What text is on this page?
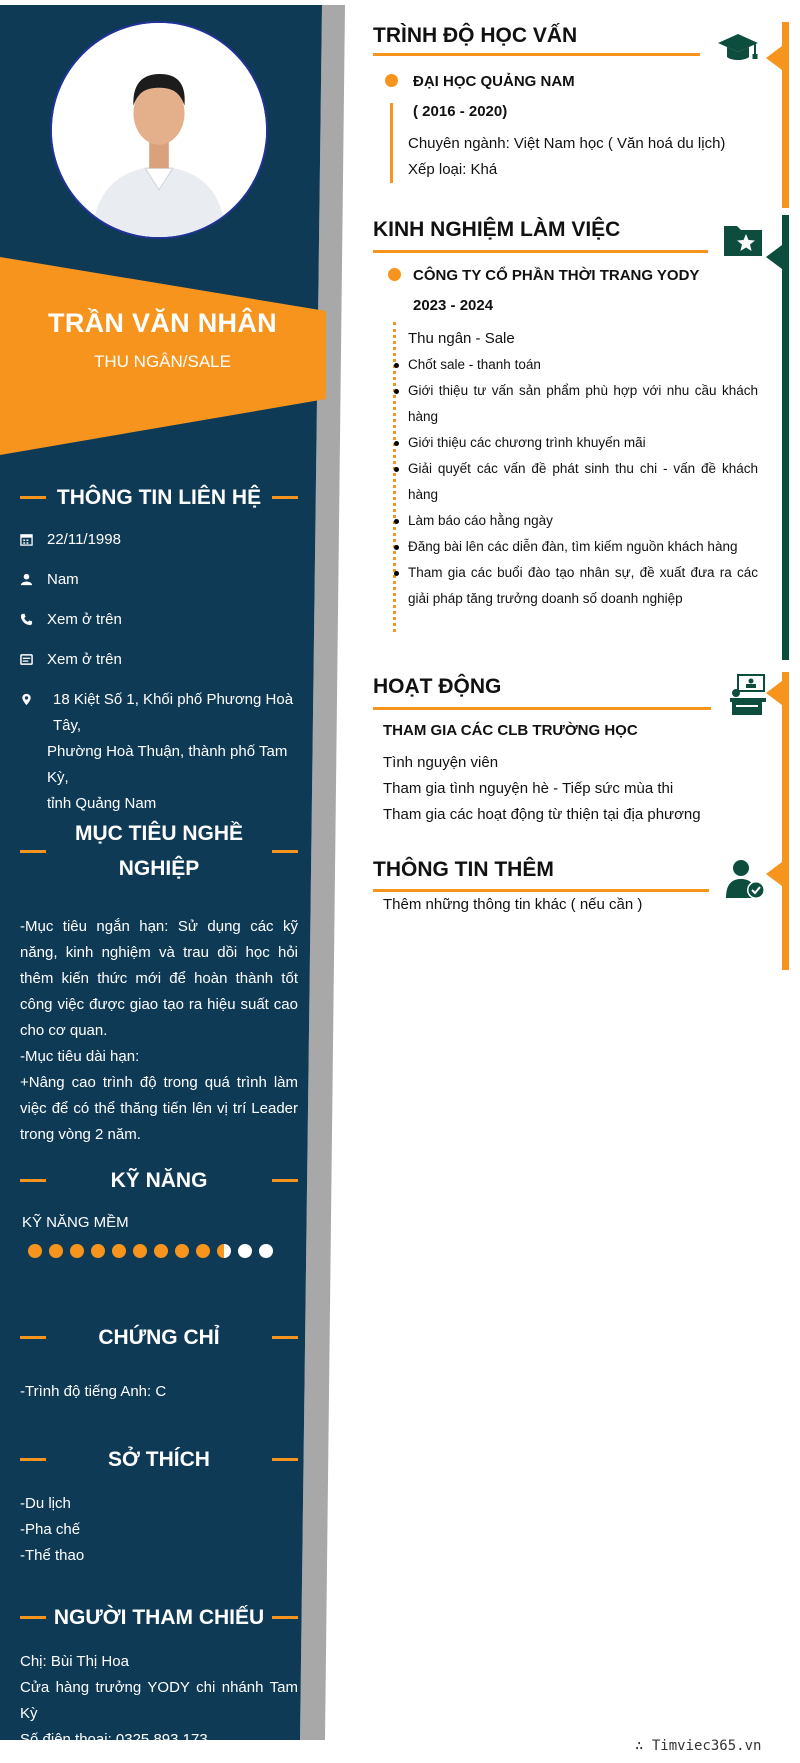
TRẦN VĂN NHÂN
THU NGÂN/SALE
THÔNG TIN LIÊN HỆ
22/11/1998
Nam
Xem ở trên
Xem ở trên
18 Kiệt Số 1, Khối phố Phương Hoà Tây,
Phường Hoà Thuận, thành phố Tam Kỳ,
tỉnh Quảng Nam
MỤC TIÊU NGHỀ
NGHIỆP
-Mục tiêu ngắn hạn: Sử dụng các kỹ năng, kinh nghiệm và trau dồi học hỏi thêm kiến thức mới để hoàn thành tốt công việc được giao tạo ra hiệu suất cao cho cơ quan.
-Mục tiêu dài hạn:
+Nâng cao trình độ trong quá trình làm việc để có thể thăng tiến lên vị trí Leader trong vòng 2 năm.
KỸ NĂNG
KỸ NĂNG MỀM
CHỨNG CHỈ
-Trình độ tiếng Anh: C
SỞ THÍCH
-Du lịch
-Pha chế
-Thể thao
NGƯỜI THAM CHIẾU
Chị: Bùi Thị Hoa
Cửa hàng trưởng YODY chi nhánh Tam Kỳ
Số điện thoại: 0325.893.173
TRÌNH ĐỘ HỌC VẤN
ĐẠI HỌC QUẢNG NAM
( 2016 - 2020)
Chuyên ngành: Việt Nam học ( Văn hoá du lịch)
Xếp loại: Khá
KINH NGHIỆM LÀM VIỆC
CÔNG TY CỔ PHẦN THỜI TRANG YODY
2023 - 2024
Thu ngân - Sale
Chốt sale - thanh toán
Giới thiệu tư vấn sản phẩm phù hợp với nhu cầu khách hàng
Giới thiệu các chương trình khuyến mãi
Giải quyết các vấn đề phát sinh thu chi - vấn đề khách hàng
Làm báo cáo hằng ngày
Đăng bài lên các diễn đàn, tìm kiếm nguồn khách hàng
Tham gia các buổi đào tạo nhân sự, đề xuất đưa ra các giải pháp tăng trưởng doanh số doanh nghiệp
HOẠT ĐỘNG
THAM GIA CÁC CLB TRƯỜNG HỌC
Tình nguyện viên
Tham gia tình nguyện hè - Tiếp sức mùa thi
Tham gia các hoạt động từ thiện tại địa phương
THÔNG TIN THÊM
Thêm những thông tin khác ( nếu cần )
∴ Timviec365.vn
